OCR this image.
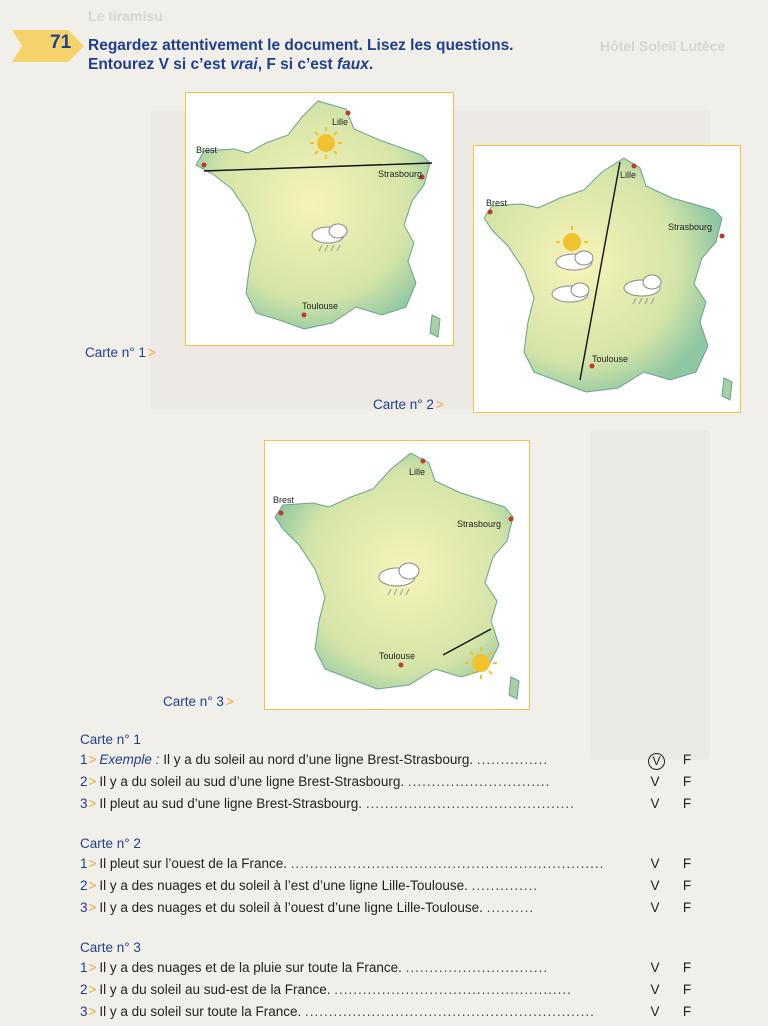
Le tiramisu
Hôtel Soleil Lutèce
71 Regardez attentivement le document. Lisez les questions.
Entourez V si c’est vrai, F si c’est faux.
Lille
Brest
Strasbourg
Toulouse
Carte n° 1 >
Lille
Brest
Strasbourg
Toulouse
Carte n° 2 >
Lille
Brest
Strasbourg
Toulouse
Carte n° 3 >
Carte n° 1
1> Exemple : Il y a du soleil au nord d’une ligne Brest-Strasbourg. ...............	V	F
2> Il y a du soleil au sud d’une ligne Brest-Strasbourg. ..............................	V	F
3> Il pleut au sud d’une ligne Brest-Strasbourg. ............................................	V	F
Carte n° 2
1> Il pleut sur l’ouest de la France. ..................................................................	V	F
2> Il y a des nuages et du soleil à l’est d’une ligne Lille-Toulouse. ..............	V	F
3> Il y a des nuages et du soleil à l’ouest d’une ligne Lille-Toulouse. ..........	V	F
Carte n° 3
1> Il y a des nuages et de la pluie sur toute la France. ..............................	V	F
2> Il y a du soleil au sud-est de la France. ..................................................	V	F
3> Il y a du soleil sur toute la France. .............................................................	V	F
